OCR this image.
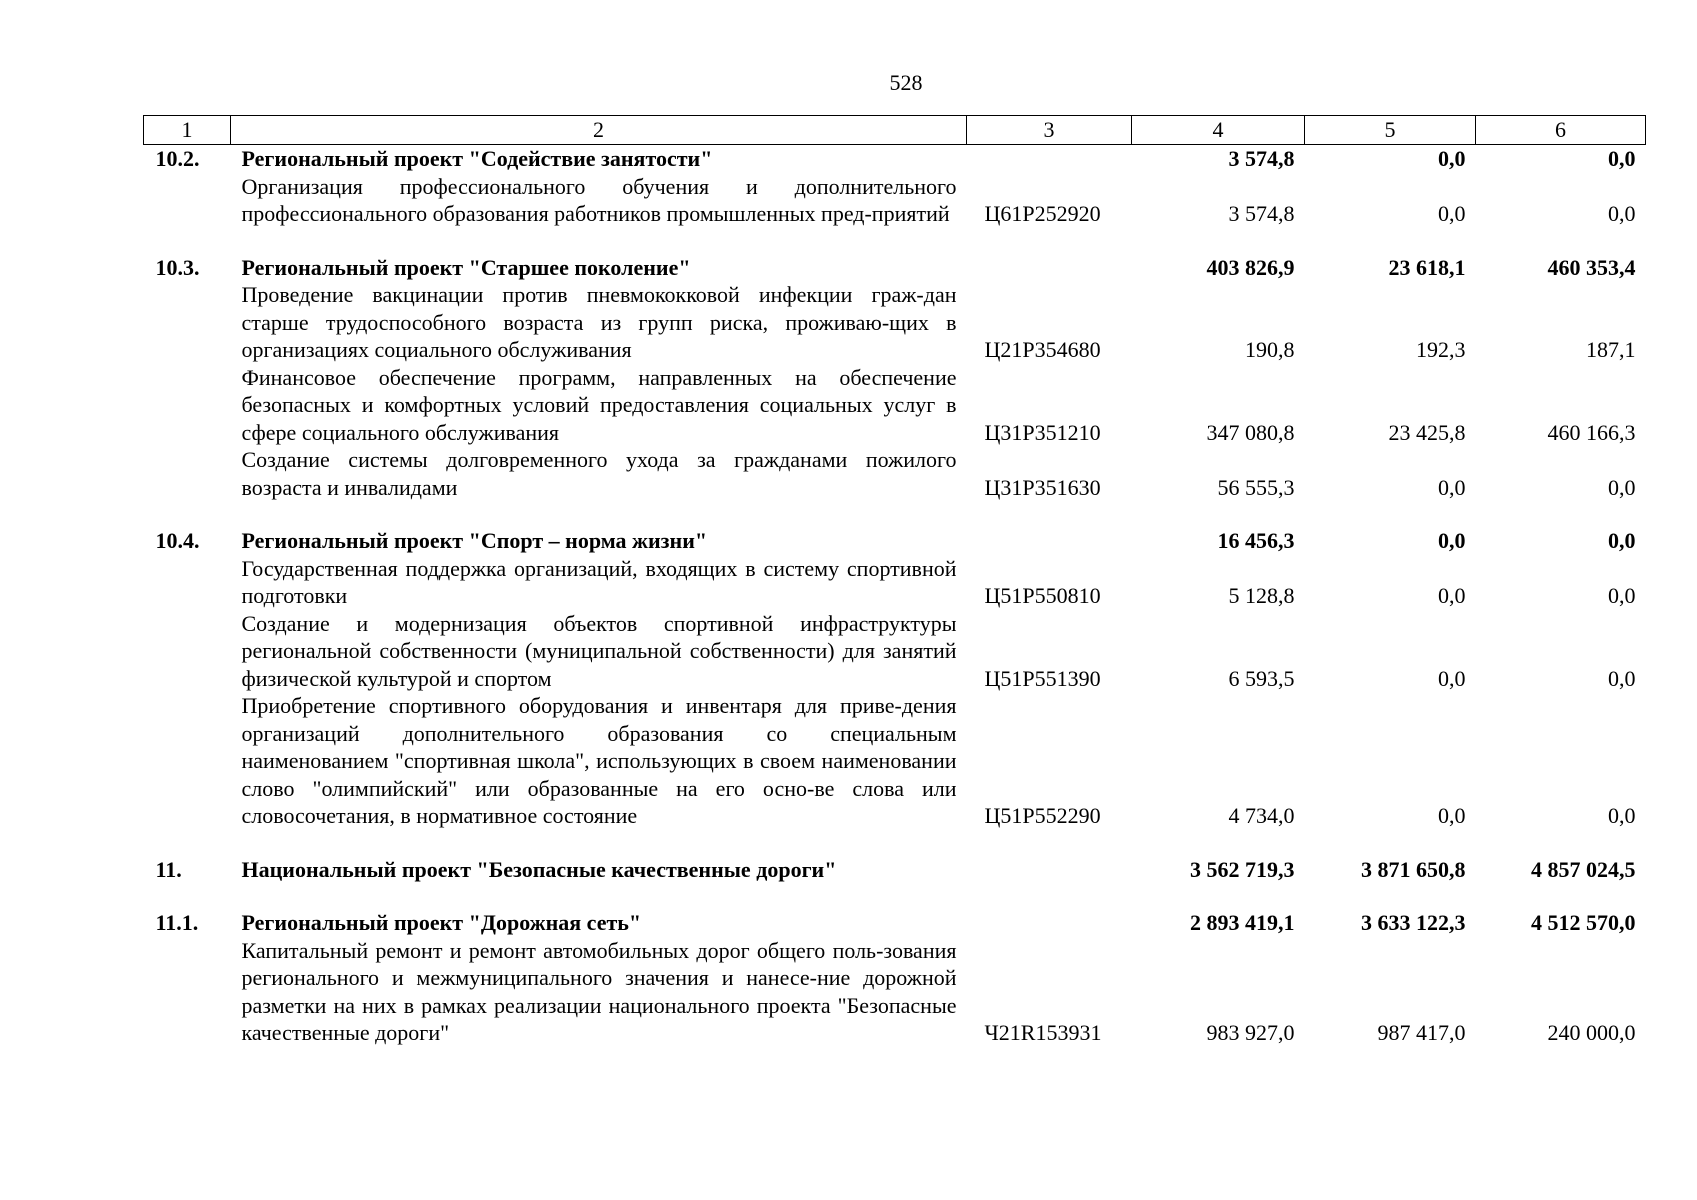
528
1	2	3	4	5	6
10.2.	Региональный проект "Содействие занятости"		3 574,8	0,0	0,0
	Организация профессионального обучения и дополнительного профессионального образования работников промышленных пред-приятий	Ц61Р252920	3 574,8	0,0	0,0

10.3.	Региональный проект "Старшее поколение"		403 826,9	23 618,1	460 353,4
	Проведение вакцинации против пневмококковой инфекции граж-дан старше трудоспособного возраста из групп риска, проживаю-щих в организациях социального обслуживания	Ц21Р354680	190,8	192,3	187,1
	Финансовое обеспечение программ, направленных на обеспечение безопасных и комфортных условий предоставления социальных услуг в сфере социального обслуживания	Ц31Р351210	347 080,8	23 425,8	460 166,3
	Создание системы долговременного ухода за гражданами пожилого возраста и инвалидами	Ц31Р351630	56 555,3	0,0	0,0

10.4.	Региональный проект "Спорт – норма жизни"		16 456,3	0,0	0,0
	Государственная поддержка организаций, входящих в систему спортивной подготовки	Ц51Р550810	5 128,8	0,0	0,0
	Создание и модернизация объектов спортивной инфраструктуры региональной собственности (муниципальной собственности) для занятий физической культурой и спортом	Ц51Р551390	6 593,5	0,0	0,0
	Приобретение спортивного оборудования и инвентаря для приве-дения организаций дополнительного образования со специальным наименованием "спортивная школа", использующих в своем наименовании слово "олимпийский" или образованные на его осно-ве слова или словосочетания, в нормативное состояние	Ц51Р552290	4 734,0	0,0	0,0

11.	Национальный проект "Безопасные качественные дороги"		3 562 719,3	3 871 650,8	4 857 024,5

11.1.	Региональный проект "Дорожная сеть"		2 893 419,1	3 633 122,3	4 512 570,0
	Капитальный ремонт и ремонт автомобильных дорог общего поль-зования регионального и межмуниципального значения и нанесе-ние дорожной разметки на них в рамках реализации национального проекта "Безопасные качественные дороги"	Ч21R153931	983 927,0	987 417,0	240 000,0
